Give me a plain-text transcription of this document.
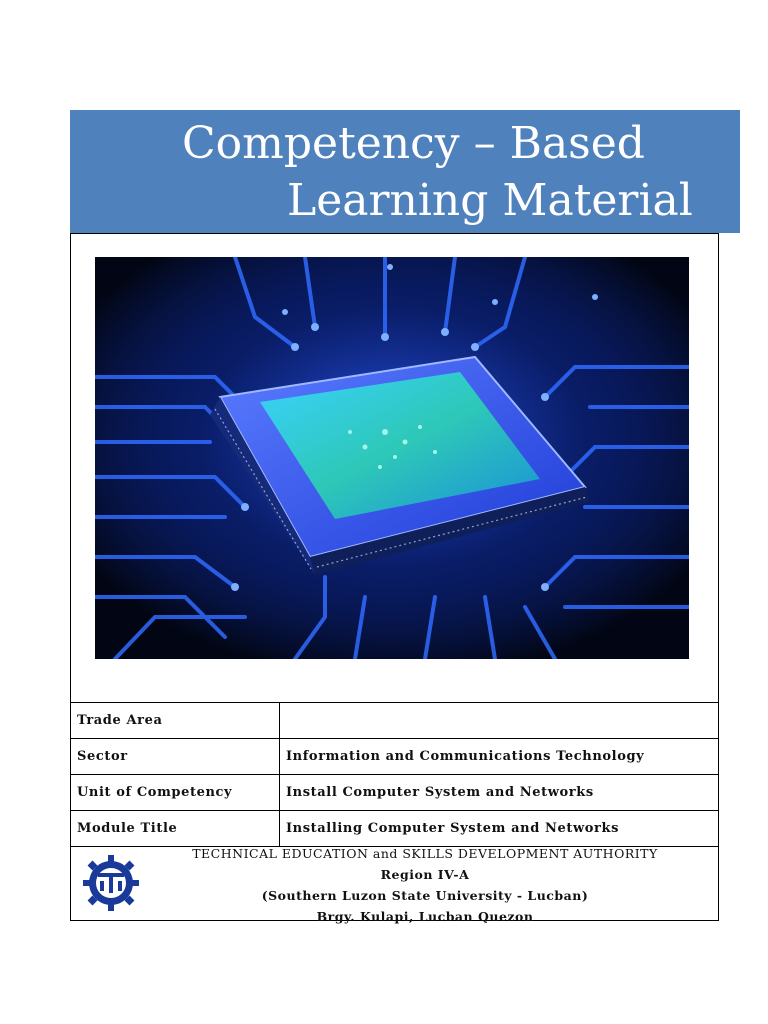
Competency – Based
Learning Material
Trade Area	
Sector	Information and Communications Technology
Unit of Competency	Install Computer System and Networks
Module Title	Installing Computer System and Networks
TECHNICAL EDUCATION and SKILLS DEVELOPMENT AUTHORITY
Region IV-A
(Southern Luzon State University - Lucban)
Brgy. Kulapi, Lucban Quezon
